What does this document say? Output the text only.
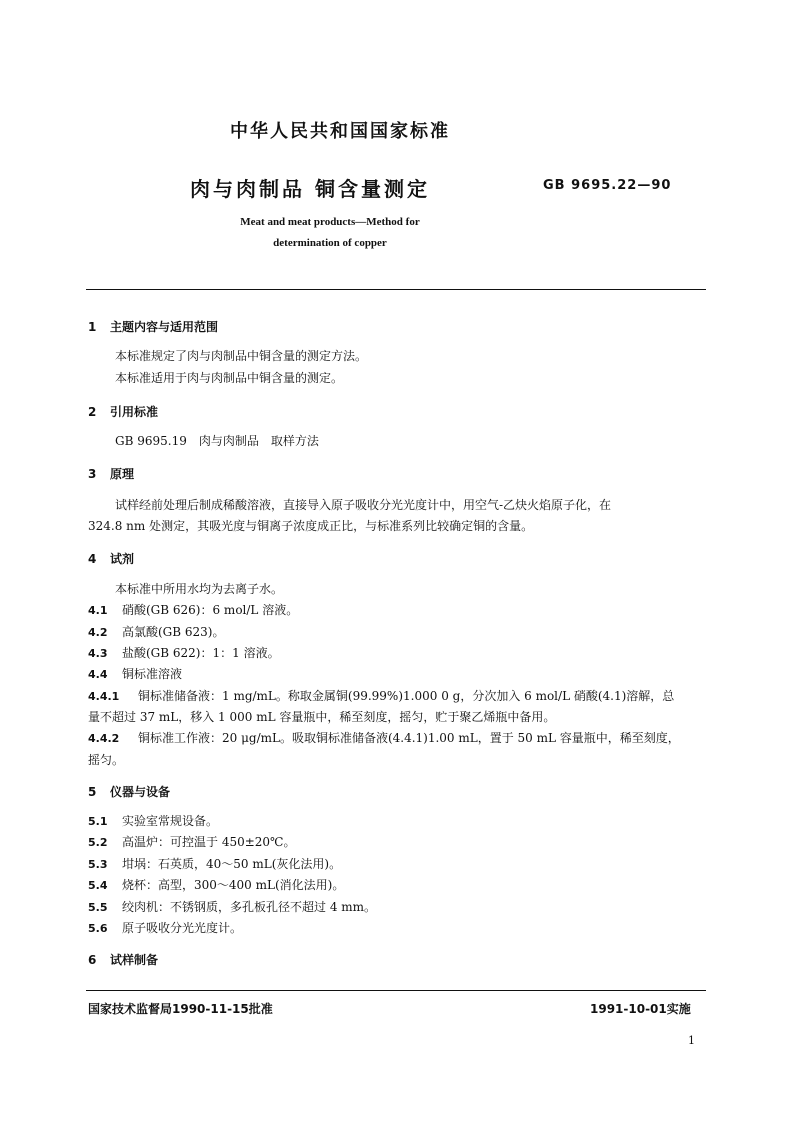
中华人民共和国国家标准
肉与肉制品 铜含量测定	GB 9695.22—90
Meat and meat products—Method for
determination of copper
1 主题内容与适用范围
本标准规定了肉与肉制品中铜含量的测定方法。
本标准适用于肉与肉制品中铜含量的测定。
2 引用标准
GB 9695.19　肉与肉制品　取样方法
3 原理
试样经前处理后制成稀酸溶液，直接导入原子吸收分光光度计中，用空气-乙炔火焰原子化，在
324.8 nm 处测定，其吸光度与铜离子浓度成正比，与标准系列比较确定铜的含量。
4 试剂
本标准中所用水均为去离子水。
4.1 硝酸(GB 626)：6 mol/L 溶液。
4.2 高氯酸(GB 623)。
4.3 盐酸(GB 622)：1：1 溶液。
4.4 铜标准溶液
4.4.1 铜标准储备液：1 mg/mL。称取金属铜(99.99%)1.000 0 g，分次加入 6 mol/L 硝酸(4.1)溶解，总
量不超过 37 mL，移入 1 000 mL 容量瓶中，稀至刻度，摇匀，贮于聚乙烯瓶中备用。
4.4.2 铜标准工作液：20 μg/mL。吸取铜标准储备液(4.4.1)1.00 mL，置于 50 mL 容量瓶中，稀至刻度，
摇匀。
5 仪器与设备
5.1 实验室常规设备。
5.2 高温炉：可控温于 450±20℃。
5.3 坩埚：石英质，40～50 mL(灰化法用)。
5.4 烧杯：高型，300～400 mL(消化法用)。
5.5 绞肉机：不锈钢质，多孔板孔径不超过 4 mm。
5.6 原子吸收分光光度计。
6 试样制备
国家技术监督局1990-11-15批准	1991-10-01实施
1
